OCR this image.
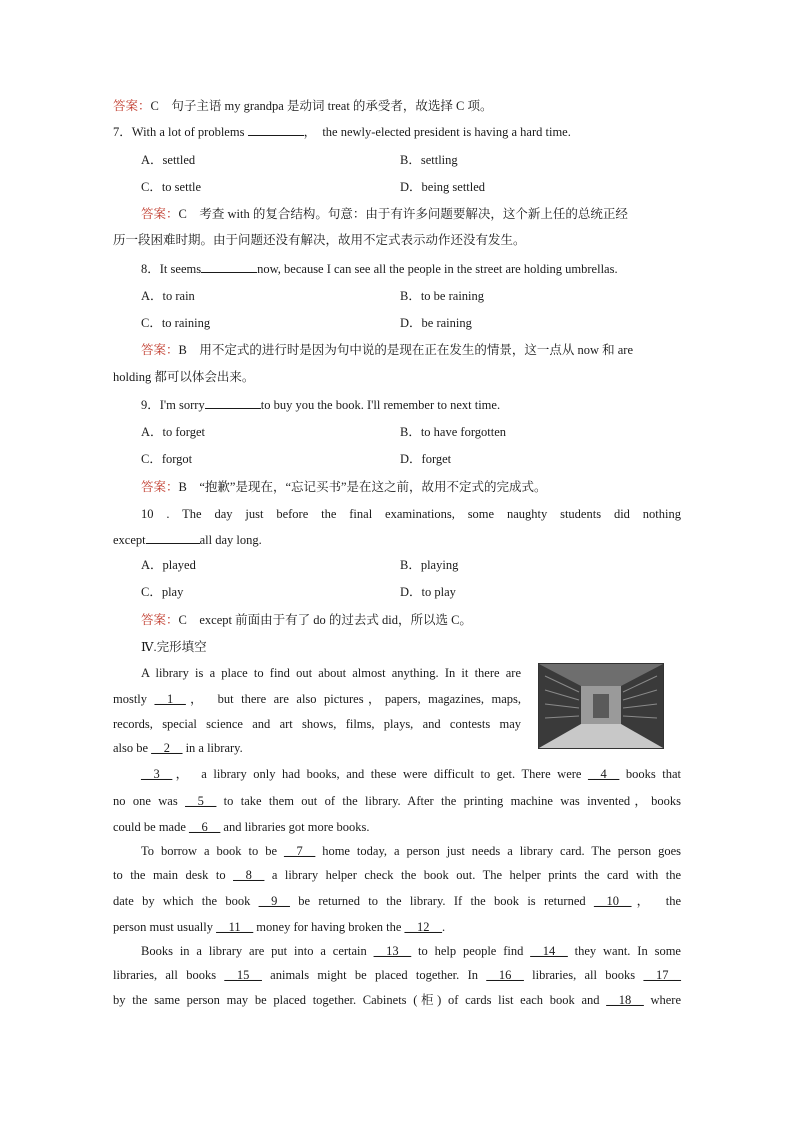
答案：C　句子主语 my grandpa 是动词 treat 的承受者，故选择 C 项。
7．With a lot of problems	，　the newly-elected president is having a hard time.
A．settled	B．settling
C．to settle	D．being settled
答案：C　考查 with 的复合结构。句意：由于有许多问题要解决，这个新上任的总统正经
历一段困难时期。由于问题还没有解决，故用不定式表示动作还没有发生。
8．It seems	now, because I can see all the people in the street are holding umbrellas.
A．to rain	B．to be raining
C．to raining	D．be raining
答案：B　用不定式的进行时是因为句中说的是现在正在发生的情景，这一点从 now 和 are
holding 都可以体会出来。
9．I'm sorry	to buy you the book. I'll remember to next time.
A．to forget	B．to have forgotten
C．forgot	D．forget
答案：B　“抱歉”是现在，“忘记买书”是在这之前，故用不定式的完成式。
10 . The day just before the final examinations, some naughty students did nothing
except	all day long.
A．played	B．playing
C．play	D．to play
答案：C　except 前面由于有了 do 的过去式 did，所以选 C。
Ⅳ.完形填空
A library is a place to find out about almost anything. In it there are
mostly __1__，　but there are also pictures，papers, magazines, maps,
records, special science and art shows, films, plays, and contests may
also be __2__ in a library.
__3__，　a library only had books, and these were difficult to get. There were __4__ books that
no one was __5__ to take them out of the library. After the printing machine was invented，books
could be made __6__ and libraries got more books.
To borrow a book to be __7__ home today, a person just needs a library card. The person goes
to the main desk to __8__ a library helper check the book out. The helper prints the card with the
date by which the book __9__ be returned to the library. If the book is returned __10__，　the
person must usually __11__ money for having broken the __12__.
Books in a library are put into a certain __13__ to help people find __14__ they want. In some
libraries, all books __15__ animals might be placed together. In __16__ libraries, all books __17__
by the same person may be placed together. Cabinets (柜) of cards list each book and __18__ where
